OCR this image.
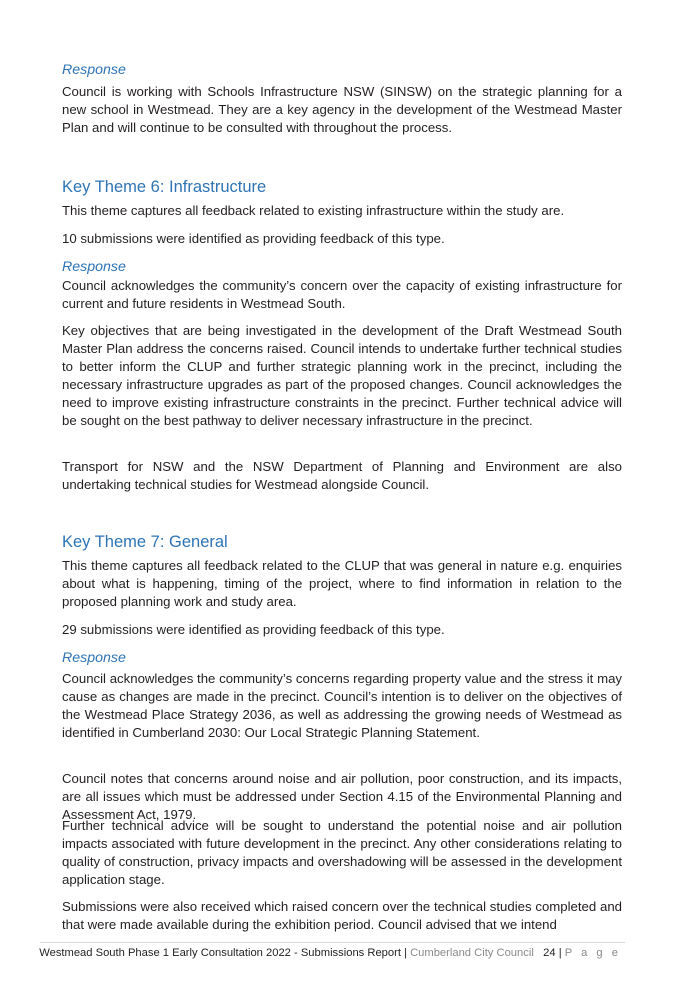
Response

Council is working with Schools Infrastructure NSW (SINSW) on the strategic planning for a new school in Westmead. They are a key agency in the development of the Westmead Master Plan and will continue to be consulted with throughout the process.

Key Theme 6: Infrastructure

This theme captures all feedback related to existing infrastructure within the study are.

10 submissions were identified as providing feedback of this type.

Response

Council acknowledges the community’s concern over the capacity of existing infrastructure for current and future residents in Westmead South.

Key objectives that are being investigated in the development of the Draft Westmead South Master Plan address the concerns raised. Council intends to undertake further technical studies to better inform the CLUP and further strategic planning work in the precinct, including the necessary infrastructure upgrades as part of the proposed changes. Council acknowledges the need to improve existing infrastructure constraints in the precinct. Further technical advice will be sought on the best pathway to deliver necessary infrastructure in the precinct.

Transport for NSW and the NSW Department of Planning and Environment are also undertaking technical studies for Westmead alongside Council.

Key Theme 7: General

This theme captures all feedback related to the CLUP that was general in nature e.g. enquiries about what is happening, timing of the project, where to find information in relation to the proposed planning work and study area.

29 submissions were identified as providing feedback of this type.

Response

Council acknowledges the community’s concerns regarding property value and the stress it may cause as changes are made in the precinct. Council’s intention is to deliver on the objectives of the Westmead Place Strategy 2036, as well as addressing the growing needs of Westmead as identified in Cumberland 2030: Our Local Strategic Planning Statement.

Council notes that concerns around noise and air pollution, poor construction, and its impacts, are all issues which must be addressed under Section 4.15 of the Environmental Planning and Assessment Act, 1979.

Further technical advice will be sought to understand the potential noise and air pollution impacts associated with future development in the precinct. Any other considerations relating to quality of construction, privacy impacts and overshadowing will be assessed in the development application stage.

Submissions were also received which raised concern over the technical studies completed and that were made available during the exhibition period. Council advised that we intend

Westmead South Phase 1 Early Consultation 2022 - Submissions Report | Cumberland City Council 24 | P a g e
